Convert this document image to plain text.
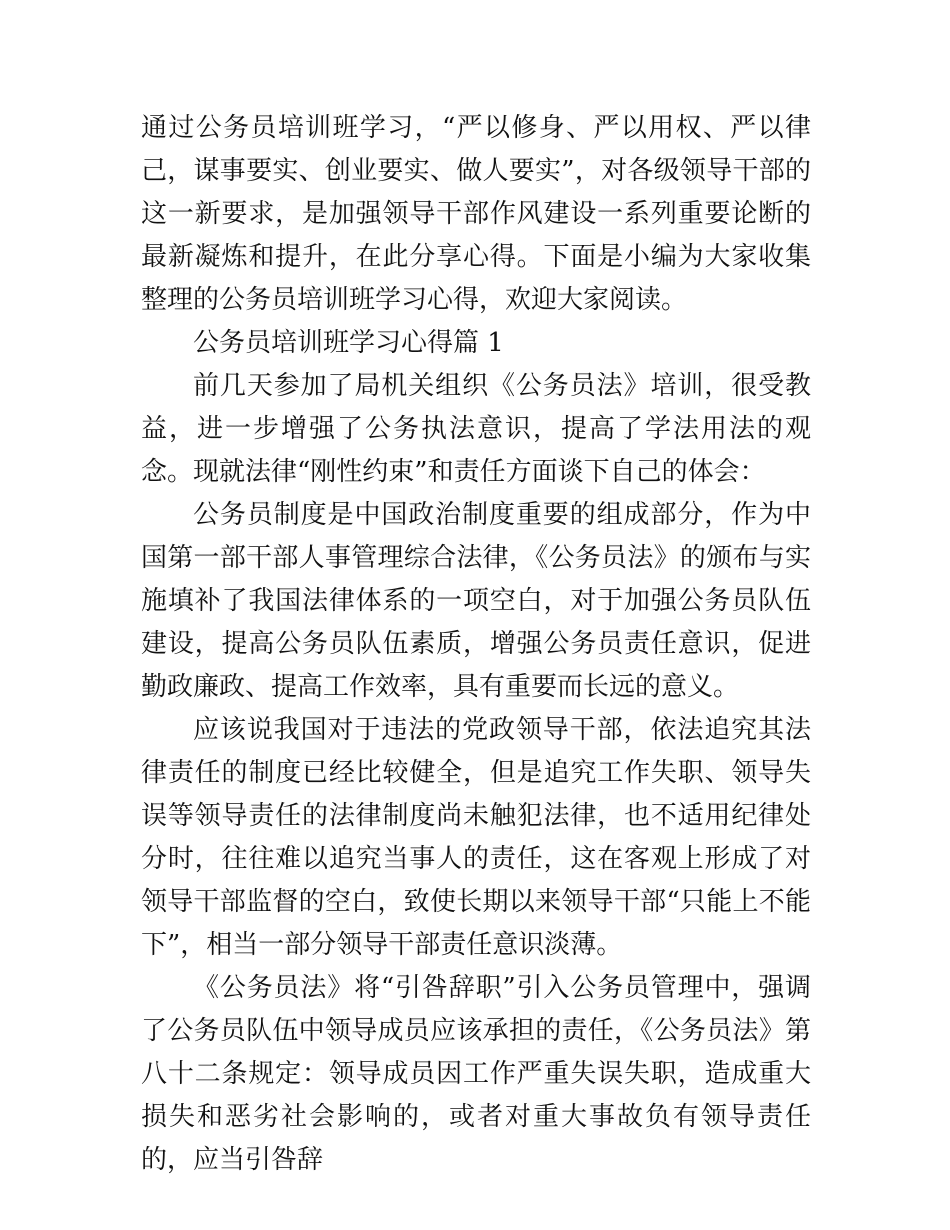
通过公务员培训班学习，“严以修身、严以用权、严以律己，谋事要实、创业要实、做人要实”，对各级领导干部的这一新要求，是加强领导干部作风建设一系列重要论断的最新凝炼和提升，在此分享心得。下面是小编为大家收集整理的公务员培训班学习心得，欢迎大家阅读。

公务员培训班学习心得篇 1

前几天参加了局机关组织《公务员法》培训，很受教益，进一步增强了公务执法意识，提高了学法用法的观念。现就法律“刚性约束”和责任方面谈下自己的体会：

公务员制度是中国政治制度重要的组成部分，作为中国第一部干部人事管理综合法律，《公务员法》的颁布与实施填补了我国法律体系的一项空白，对于加强公务员队伍建设，提高公务员队伍素质，增强公务员责任意识，促进勤政廉政、提高工作效率，具有重要而长远的意义。

应该说我国对于违法的党政领导干部，依法追究其法律责任的制度已经比较健全，但是追究工作失职、领导失误等领导责任的法律制度尚未触犯法律，也不适用纪律处分时，往往难以追究当事人的责任，这在客观上形成了对领导干部监督的空白，致使长期以来领导干部“只能上不能下”，相当一部分领导干部责任意识淡薄。

《公务员法》将“引咎辞职”引入公务员管理中，强调了公务员队伍中领导成员应该承担的责任，《公务员法》第八十二条规定：领导成员因工作严重失误失职，造成重大损失和恶劣社会影响的，或者对重大事故负有领导责任的，应当引咎辞
